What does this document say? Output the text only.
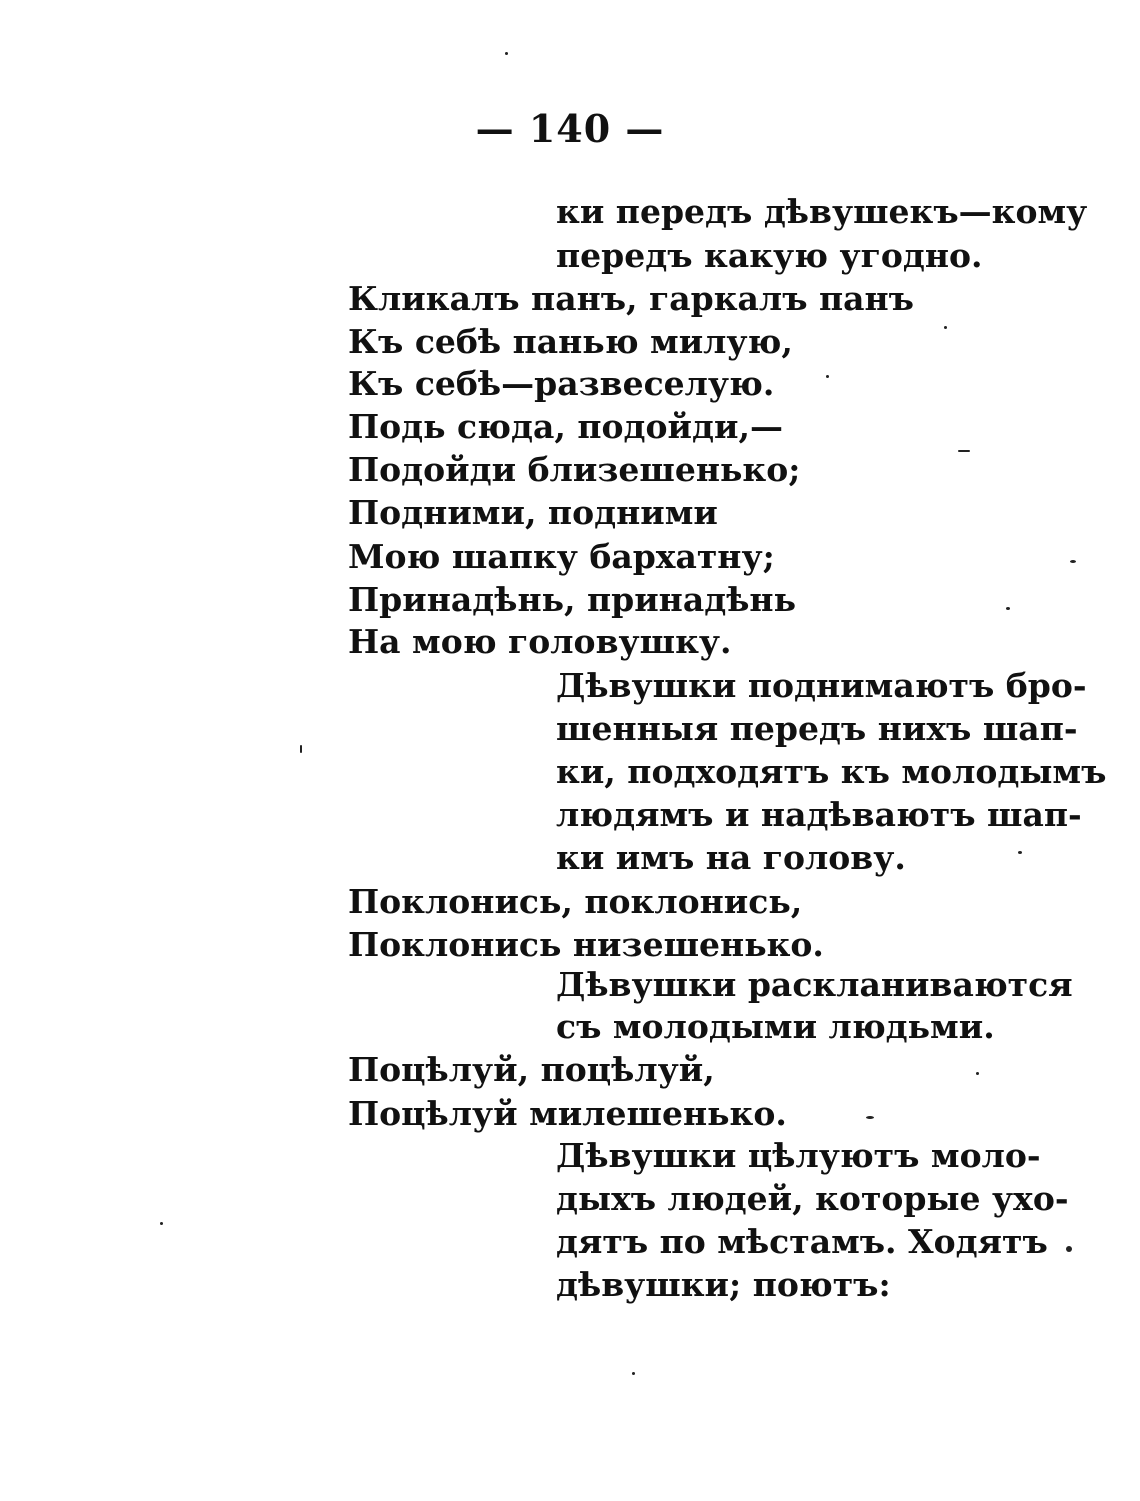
— 140 —
ки передъ дѣвушекъ—кому
передъ какую угодно.
Кликалъ панъ, гаркалъ панъ
Къ себѣ панью милую,
Къ себѣ—развеселую.
Подь сюда, подойди,—
Подойди близешенько;
Подними, подними
Мою шапку бархатну;
Принадѣнь, принадѣнь
На мою головушку.
Дѣвушки поднимаютъ бро-
шенныя передъ нихъ шап-
ки, подходятъ къ молодымъ
людямъ и надѣваютъ шап-
ки имъ на голову.
Поклонись, поклонись,
Поклонись низешенько.
Дѣвушки раскланиваются
съ молодыми людьми.
Поцѣлуй, поцѣлуй,
Поцѣлуй милешенько.
Дѣвушки цѣлуютъ моло-
дыхъ людей, которые ухо-
дятъ по мѣстамъ. Ходятъ
дѣвушки; поютъ:
